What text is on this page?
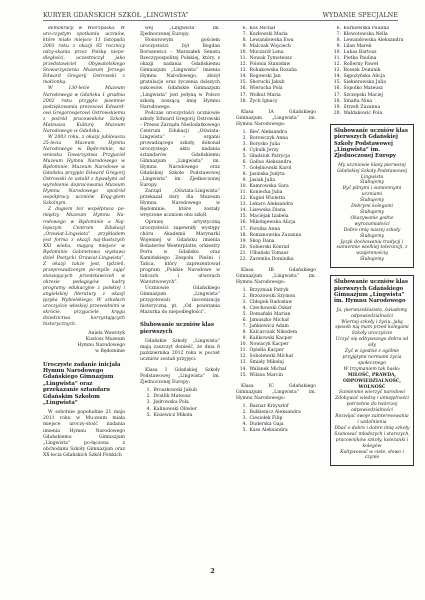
KURYER GDAŃSKICH SZKÓŁ „LINGWISTA”	WYDANIE SPECJALNE

demokracji w Wierzpaska. W uro-czystym spotkaniu uczniów, które miało miejsce 11 listopada 2003 roku z okazji 85 rocznicy odzy-skania przez Polskę niepo-dległości, uczestniczył jako przedstawiciel Obywatelskiego Stowarzyszenia Muzeum Jerzego Edward Gregorij Ostrowski z małżonką.

W 130-lecie Muzeum Narodowego w Gdańsku 1 grudnia 2002 roku przyjęto pisemnie podziękowania prezesowi Edward-owi Gregorowjerowi Ostrowskiemu z pośród pracowników Szkoły Mateusza Kulturę Muzeum Narodowego w Gdańsku.

W 2003 roku, z okazji jubileuszu 25-lecia Muzeum Hymnu Narodowego w Będo-minie, na wniosku Towarzystwa Przyjaciół Muzeum Hymnu Narodowego w Będominie, Muzeum Narodowe w Gdańsku przyjęto Edward Gregorij Ostrowski te ustalił z bywałymi od wyrobienie dopracowania Muzeum Hymnu Narodowego spośród współpracy uczniów Kręg-gtem Szkolnym.

Z dugiem też współpraca po-między Muzeum Hymnu Na-rodowego w Będominie a Naj-lepszym Centrum Edukacji „Orawiat-Lingwista” przykładem jest forma z okazji naj-tłustszych XXI wieku, mającą miejsce w Będominie Gabinetowa wystawa dzieł Poetycki Orawiat-Lingwista”. Z okazji także jest, tydzień, przeprowadzonym po-myśle zajęć stawiających przedstawicieli w okresie pedagogów kadry programy edukacyjne z polskiej i angielskiej literatury z okazji języka Wybielskiego. W szkołach uroczyście włoskiej przewodnimi w skrócie, przyjaciele kręgu dziedzictwa korzystających historycznych.

Aniela Wawrzyk
Kustosz Muzeum
Hymnu Narodowego
w Będominie
Uroczyste zadanie inicjała Hymnu Narodowego Gdańskiego Gimnazjum „Lingwista” oraz przekazanie sztandaru Gdańskim Szkołom „Lingwista”

W sobotnie popołudnie 21 maja 2011 roku w Mu-zeum miała miejsce uroczy-stość nadania imienia Hymnu Narodowego Gdańskiemu Gimnazjum „Lingwista” po-łączona z obchodami Szkoły Gimnazjum oraz XX-lecia Gdańskich Szkół Polskich

wej „Lingwista” im. Zjednoczonej Europy.

Honorowym gościem uroczystości był Bogdan Borusewicz – Marszałek Senatu Rzeczypospolitej Polskiej, który, z okazji nadania Gdańskiemu Gimnazjum „Lingwista” imienia Hymnu Narodowego, złożył gratulacje oraz życzenia dalszych sukcesów. Gdańskie Gimnazjum „Lingwista” jest jedyną w Polsce szkołą noszącą imię Hymnu Narodowego.

Podczas uroczystości uczniowie szkoły Edward Gregorij Ostrowski – Prezes Zarządu Niedodatkowego Centrum Edukacji „Oświata-Lingwista” – organu prowadzącego szkoły, dokonał uroczystego aktu nadania sztandarów Gdańskiemu Gimnazjum „Lingwista” im. Hymnu Narodowego oraz Gdańskiej Szkole Podstawowej „Lingwista” im. Zjednoczonej Europy.

Zarząd „Oświata-Lingwista” przekazał dary dla Muzeum Hymnu Narodowego w Będominie, które zostały wręczone uczniom obu szkół.

Oprawę artystyczną uroczystości zapewniły występy chóru Akademii Marynarki Wojennej w Gdańsku imienia Bohaterów Westerplatte, orkiestry Portu w Gdańsku oraz Kamińskiego Zespołu Pieśni i Tańca, który zaprezentował program „Polskie Narodowe w tańcach i utworach Warsztwowych”.

Uczniowie Gdańskiego Gimnazjum „Lingwista” przygotowali inscenizację historyczną pt. „Od powstania Mazurka do niepodległości”.

Ślubowanie uczniów klas pierwszych

Gdańskie Szkoły „Lingwista” mają zaszczyt donieść, że dnia 6 października 2012 roku w poczet uczniów zostali przyjęci:

Klasa I Gdańskiej Szkoły Podstawowej „Lingwista” im. Zjednoczonej Europy:

1. Broszkowski Jakub
2. Dratlik Mateusz
3. Jędrowska Pola
4. Kalinowski Oliwier
5. Kisiewicz Mikoła
6. Kos Michał
7. Kozłowski Maria
8. Lewandowska Ewa
9. Malczak Wojciech
10. Muczarzł Lena
11. Nowak Tymoteusz
12. Polonia Stanisław
13. Rohakowska Rozalia
14. Rogowski Jan
15. Skorucki Jakub
16. Wierucka Pola
17. Wolkut Maria
18. Żych Ignacy

Klasa IA Gdańskiego Gimnazjum „Lingwista” im. Hymnu Narodowego:

1. Bieć Aleksandra
2. Borowczyk Anna
3. Borysko Julia
4. Cybulk Jerzy
5. Gładziuk Patrycja
6. Gallus Aleksandra
7. Gołębiowski Karol
8. Jasinska Judyta
9. Jasiak Julia
10. Kamrowska Sara
11. Koniecka Julia
12. Kugiel Wioletta
13. Lekaro Aleksandra
14. Lisewska Diana
15. Maciejak Izabela
16. Mikołajewska Alicja
17. Porsiba Anna
18. Romanowska Zuzanna
19. Skop Dana
20. Sobierski Konrad
21. Ulbański Tomasz
22. Zaremba Dominika

Klasa IB Gdańskiego Gimnazjum „Lingwista” im. Hymnu Narodowego:

1. Brzyzniak Patryk
2. Brzozowski Szymon
3. Chłopek Radosław
4. Czechowski Oskar
5. Domański Marian
6. Jamuszko Michał
7. Jańkiewicz Adam
8. Kalcarczak Nikodem
9. Kalikowski Kacper
10. Nowacyk Kacper
11. Opiella Kacper
12. Sobolewski Michał
13. Śmiały Mikołaj
14. Walanek Michał
15. Wilaus Marcin

Klasa IC Gdańskiego Gimnazjum „Lingwista” im. Hymnu Narodowego:

1. Baznar Krzysztof
2. Bulkienicz Aleksandra
3. Ciesiołek Filip
4. Duderska Gaja
5. Kass Aleksandra
6. Kurkiewska Paulina
7. Kłowotowska Nella
8. Lewandowska Aleksandra
9. Lilan Marek
10. Lubas Bartosz
11. Pietka Paulina
12. Rollerny Paweł
13. Rossek Dominik
14. Sępożyńska Alicja
15. Siekierawska Julia
16. Sopolko Mateusz
17. Szczepski Maciej
18. Smalta Nina
19. Strzelt Zuzanna
20. Wałdakowic Pola
Ślubowanie uczniów klas pierwszych Gdańskiej Szkoły Podstawowej „Lingwista” im. Zjednoczonej Europy

My uczniowie klasy pierwszej Gdańskiej Szkoły Podstawowej Lingwista

Ślubujemy

Być pilnymi i sumiennymi uczniami

Ślubujemy

Dobrymi kolegami

Ślubujemy

Okazywanie godne wyrozumiałości

Dobre imię naszej szkoły

Ślubujemy

Język dochowaniu tradycji i sumiennie wielkiej tolerancji, z wzajemnością

Ślubujemy

Ślubowanie uczniów klas pierwszych Gdańskiego Gimnazjum „Lingwista” im. Hymnu Narodowego

Ja, pierwszoklasista, świadomy odpowiedzialności

Wiernej szkoły i życiu, jaką sposób nią mam przed kolegami

Szkoły uroczyście

Uczyć się odbywszego dobra od siły

Żyć w zgodzie z ogólnie przyjętymi normami życia społecznego

W trzymaniem tak hasło:

MIŁOŚĆ, PRAWDA, ODPOWIEDZIALNOŚĆ, WOLNOŚĆ

Sumiennie wierzyć narodowi

Zdobywać wiedzę i umiejętności potrzebne do twórczej odpowiedzialności

Rozwijać swoje zainteresowania i uzdolnienia

Dbać o dobre i dobre imię szkoły

Szanować młodszych i starszych, pracowników szkoły, koleżanki i kolegów

Kultywować w ciele, słowo i czynie

2
